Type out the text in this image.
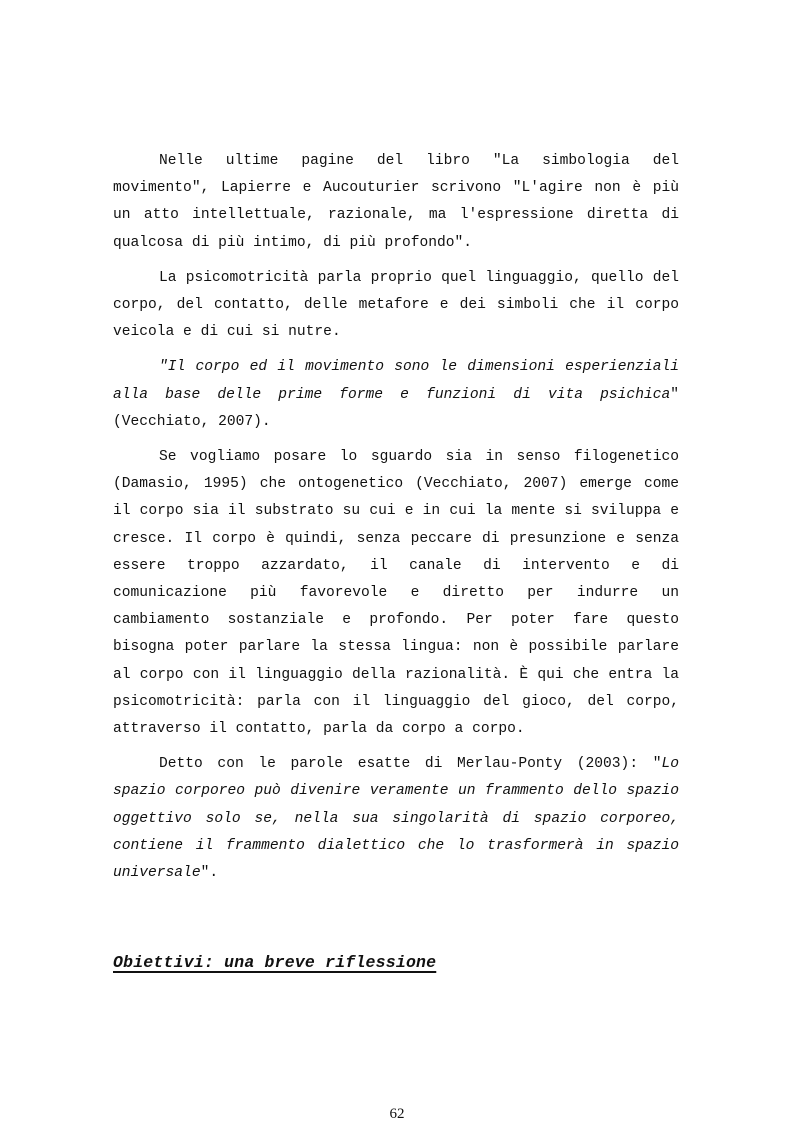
Nelle ultime pagine del libro "La simbologia del movimento", Lapierre e Aucouturier scrivono "L'agire non è più un atto intellettuale, razionale, ma l'espressione diretta di qualcosa di più intimo, di più profondo".

La psicomotricità parla proprio quel linguaggio, quello del corpo, del contatto, delle metafore e dei simboli che il corpo veicola e di cui si nutre.

"Il corpo ed il movimento sono le dimensioni esperienziali alla base delle prime forme e funzioni di vita psichica" (Vecchiato, 2007).

Se vogliamo posare lo sguardo sia in senso filogenetico (Damasio, 1995) che ontogenetico (Vecchiato, 2007) emerge come il corpo sia il substrato su cui e in cui la mente si sviluppa e cresce. Il corpo è quindi, senza peccare di presunzione e senza essere troppo azzardato, il canale di intervento e di comunicazione più favorevole e diretto per indurre un cambiamento sostanziale e profondo. Per poter fare questo bisogna poter parlare la stessa lingua: non è possibile parlare al corpo con il linguaggio della razionalità. È qui che entra la psicomotricità: parla con il linguaggio del gioco, del corpo, attraverso il contatto, parla da corpo a corpo.

Detto con le parole esatte di Merlau-Ponty (2003): "Lo spazio corporeo può divenire veramente un frammento dello spazio oggettivo solo se, nella sua singolarità di spazio corporeo, contiene il frammento dialettico che lo trasformerà in spazio universale".

Obiettivi: una breve riflessione
62
